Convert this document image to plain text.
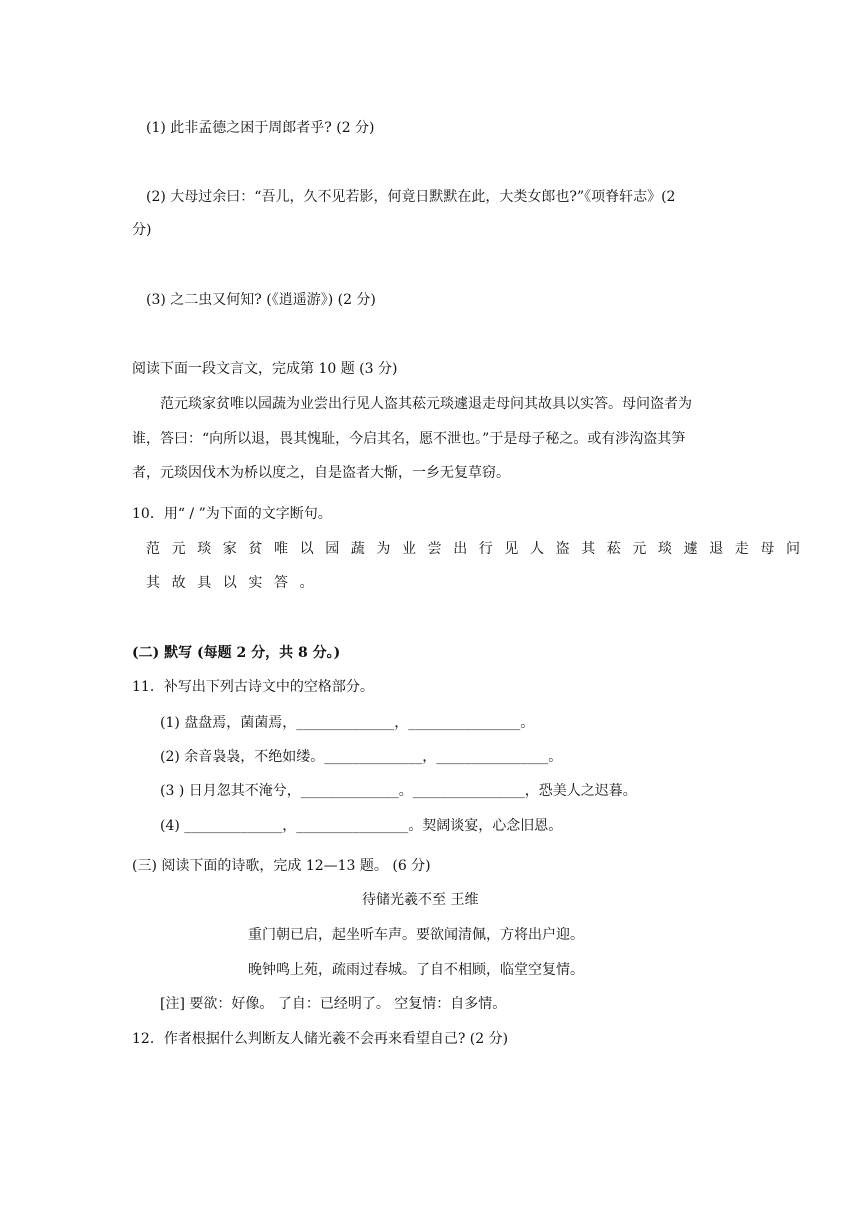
(1) 此非孟德之困于周郎者乎? (2 分)
(2) 大母过余曰：“吾儿，久不见若影，何竟日默默在此，大类女郎也?”《项脊轩志》(2
分)
(3) 之二虫又何知? (《逍遥游》) (2 分)
阅读下面一段文言文，完成第 10 题 (3 分)
范元琰家贫唯以园蔬为业尝出行见人盗其菘元琰遽退走母问其故具以实答。母问盗者为
谁，答曰：“向所以退，畏其愧耻，今启其名，愿不泄也。”于是母子秘之。或有涉沟盗其笋
者，元琰因伐木为桥以度之，自是盗者大惭，一乡无复草窃。
10．用“ / ”为下面的文字断句。
范元琰家贫唯以园蔬为业尝出行见人盗其菘元琰遽退走母问
其故具以实答。
(二) 默写 (每题 2 分，共 8 分。)
11．补写出下列古诗文中的空格部分。
(1) 盘盘焉，菌菌焉，______________，________________。
(2) 余音袅袅，不绝如缕。______________，________________。
(3 ) 日月忽其不淹兮，______________。________________，恐美人之迟暮。
(4) ______________，________________。契阔谈宴，心念旧恩。
(三) 阅读下面的诗歌，完成 12—13 题。 (6 分)
待储光羲不至 王维
重门朝已启，起坐听车声。要欲闻清佩，方将出户迎。
晚钟鸣上苑，疏雨过春城。了自不相顾，临堂空复情。
[注] 要欲：好像。 了自：已经明了。 空复情：自多情。
12．作者根据什么判断友人储光羲不会再来看望自己? (2 分)
